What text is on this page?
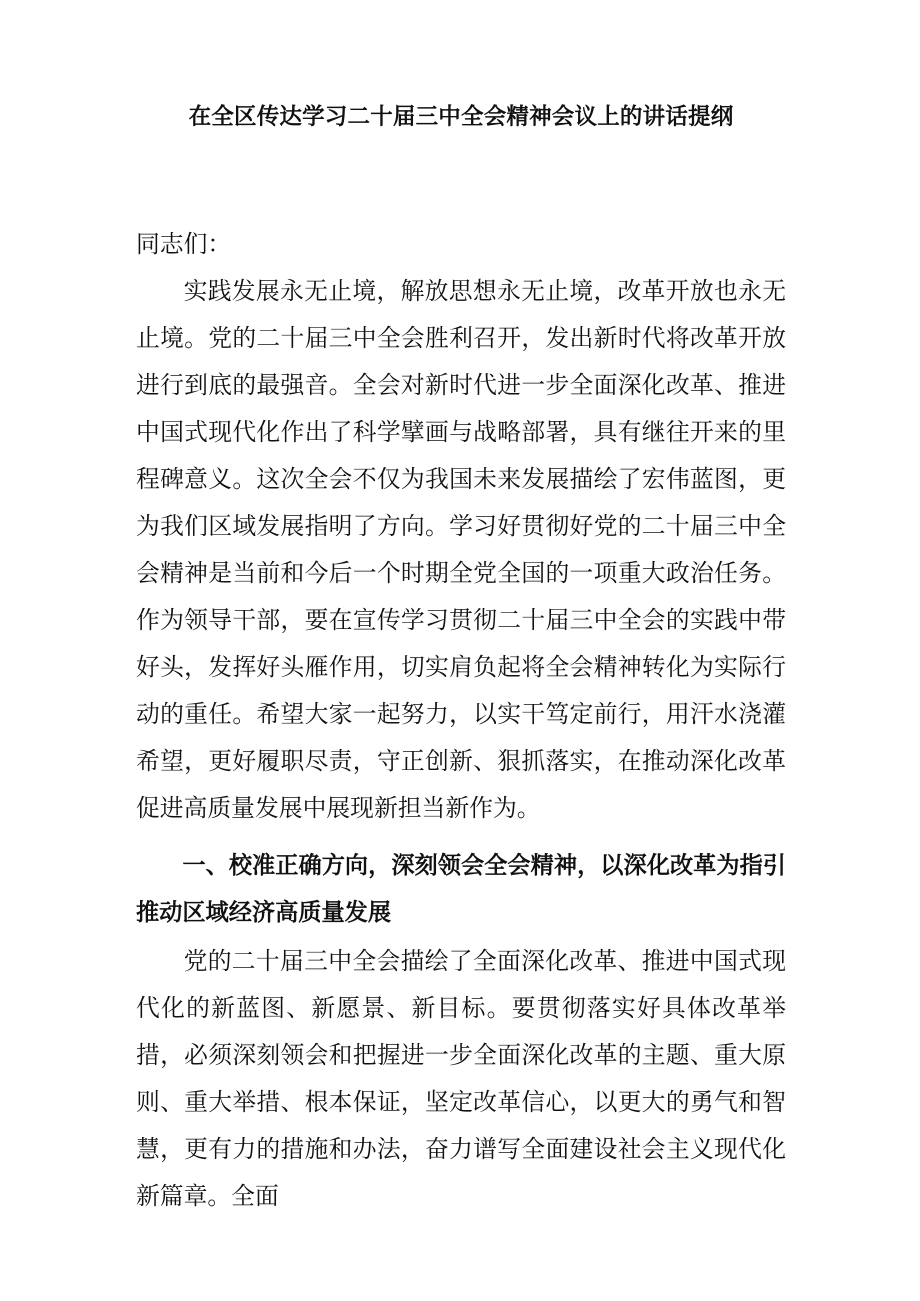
在全区传达学习二十届三中全会精神会议上的讲话提纲

同志们：

实践发展永无止境，解放思想永无止境，改革开放也永无止境。党的二十届三中全会胜利召开，发出新时代将改革开放进行到底的最强音。全会对新时代进一步全面深化改革、推进中国式现代化作出了科学擘画与战略部署，具有继往开来的里程碑意义。这次全会不仅为我国未来发展描绘了宏伟蓝图，更为我们区域发展指明了方向。学习好贯彻好党的二十届三中全会精神是当前和今后一个时期全党全国的一项重大政治任务。作为领导干部，要在宣传学习贯彻二十届三中全会的实践中带好头，发挥好头雁作用，切实肩负起将全会精神转化为实际行动的重任。希望大家一起努力，以实干笃定前行，用汗水浇灌希望，更好履职尽责，守正创新、狠抓落实，在推动深化改革促进高质量发展中展现新担当新作为。

一、校准正确方向，深刻领会全会精神，以深化改革为指引推动区域经济高质量发展

党的二十届三中全会描绘了全面深化改革、推进中国式现代化的新蓝图、新愿景、新目标。要贯彻落实好具体改革举措，必须深刻领会和把握进一步全面深化改革的主题、重大原则、重大举措、根本保证，坚定改革信心，以更大的勇气和智慧，更有力的措施和办法，奋力谱写全面建设社会主义现代化新篇章。全面
